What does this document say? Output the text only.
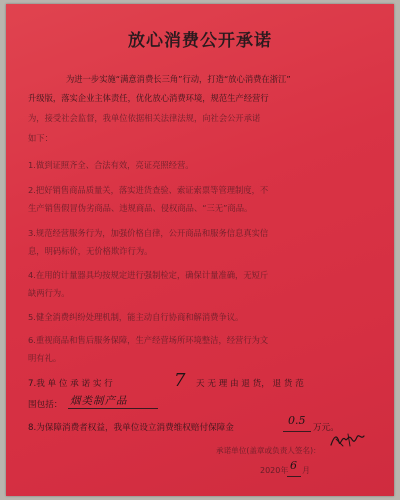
放心消费公开承诺
为进一步实施“满意消费长三角”行动，打造“放心消费在浙江”
升级版，落实企业主体责任，优化放心消费环境，规范生产经营行
为，接受社会监督，我单位依据相关法律法规，向社会公开承诺
如下：
1.做到证照齐全、合法有效，亮证亮照经营。
2.把好销售商品质量关，落实进货查验、索证索票等管理制度，不
生产销售假冒伪劣商品、违规商品、侵权商品、“三无”商品。
3.规范经营服务行为，加强价格自律，公开商品和服务信息真实信
息，明码标价，无价格欺诈行为。
4.在用的计量器具均按规定进行强制检定，确保计量准确，无短斤
缺两行为。
5.健全消费纠纷处理机制，能主动自行协商和解消费争议。
6.重视商品和售后服务保障，生产经营场所环境整洁，经营行为文
明有礼。
7.我 单 位 承 诺 实 行	7 天 无 理 由 退 货， 退 货 范
围包括： 烟类制产品
8.为保障消费者权益，我单位设立消费维权赔付保障金
0.5
万元。
承诺单位(盖章或负责人签名)：
2020年 6 月
